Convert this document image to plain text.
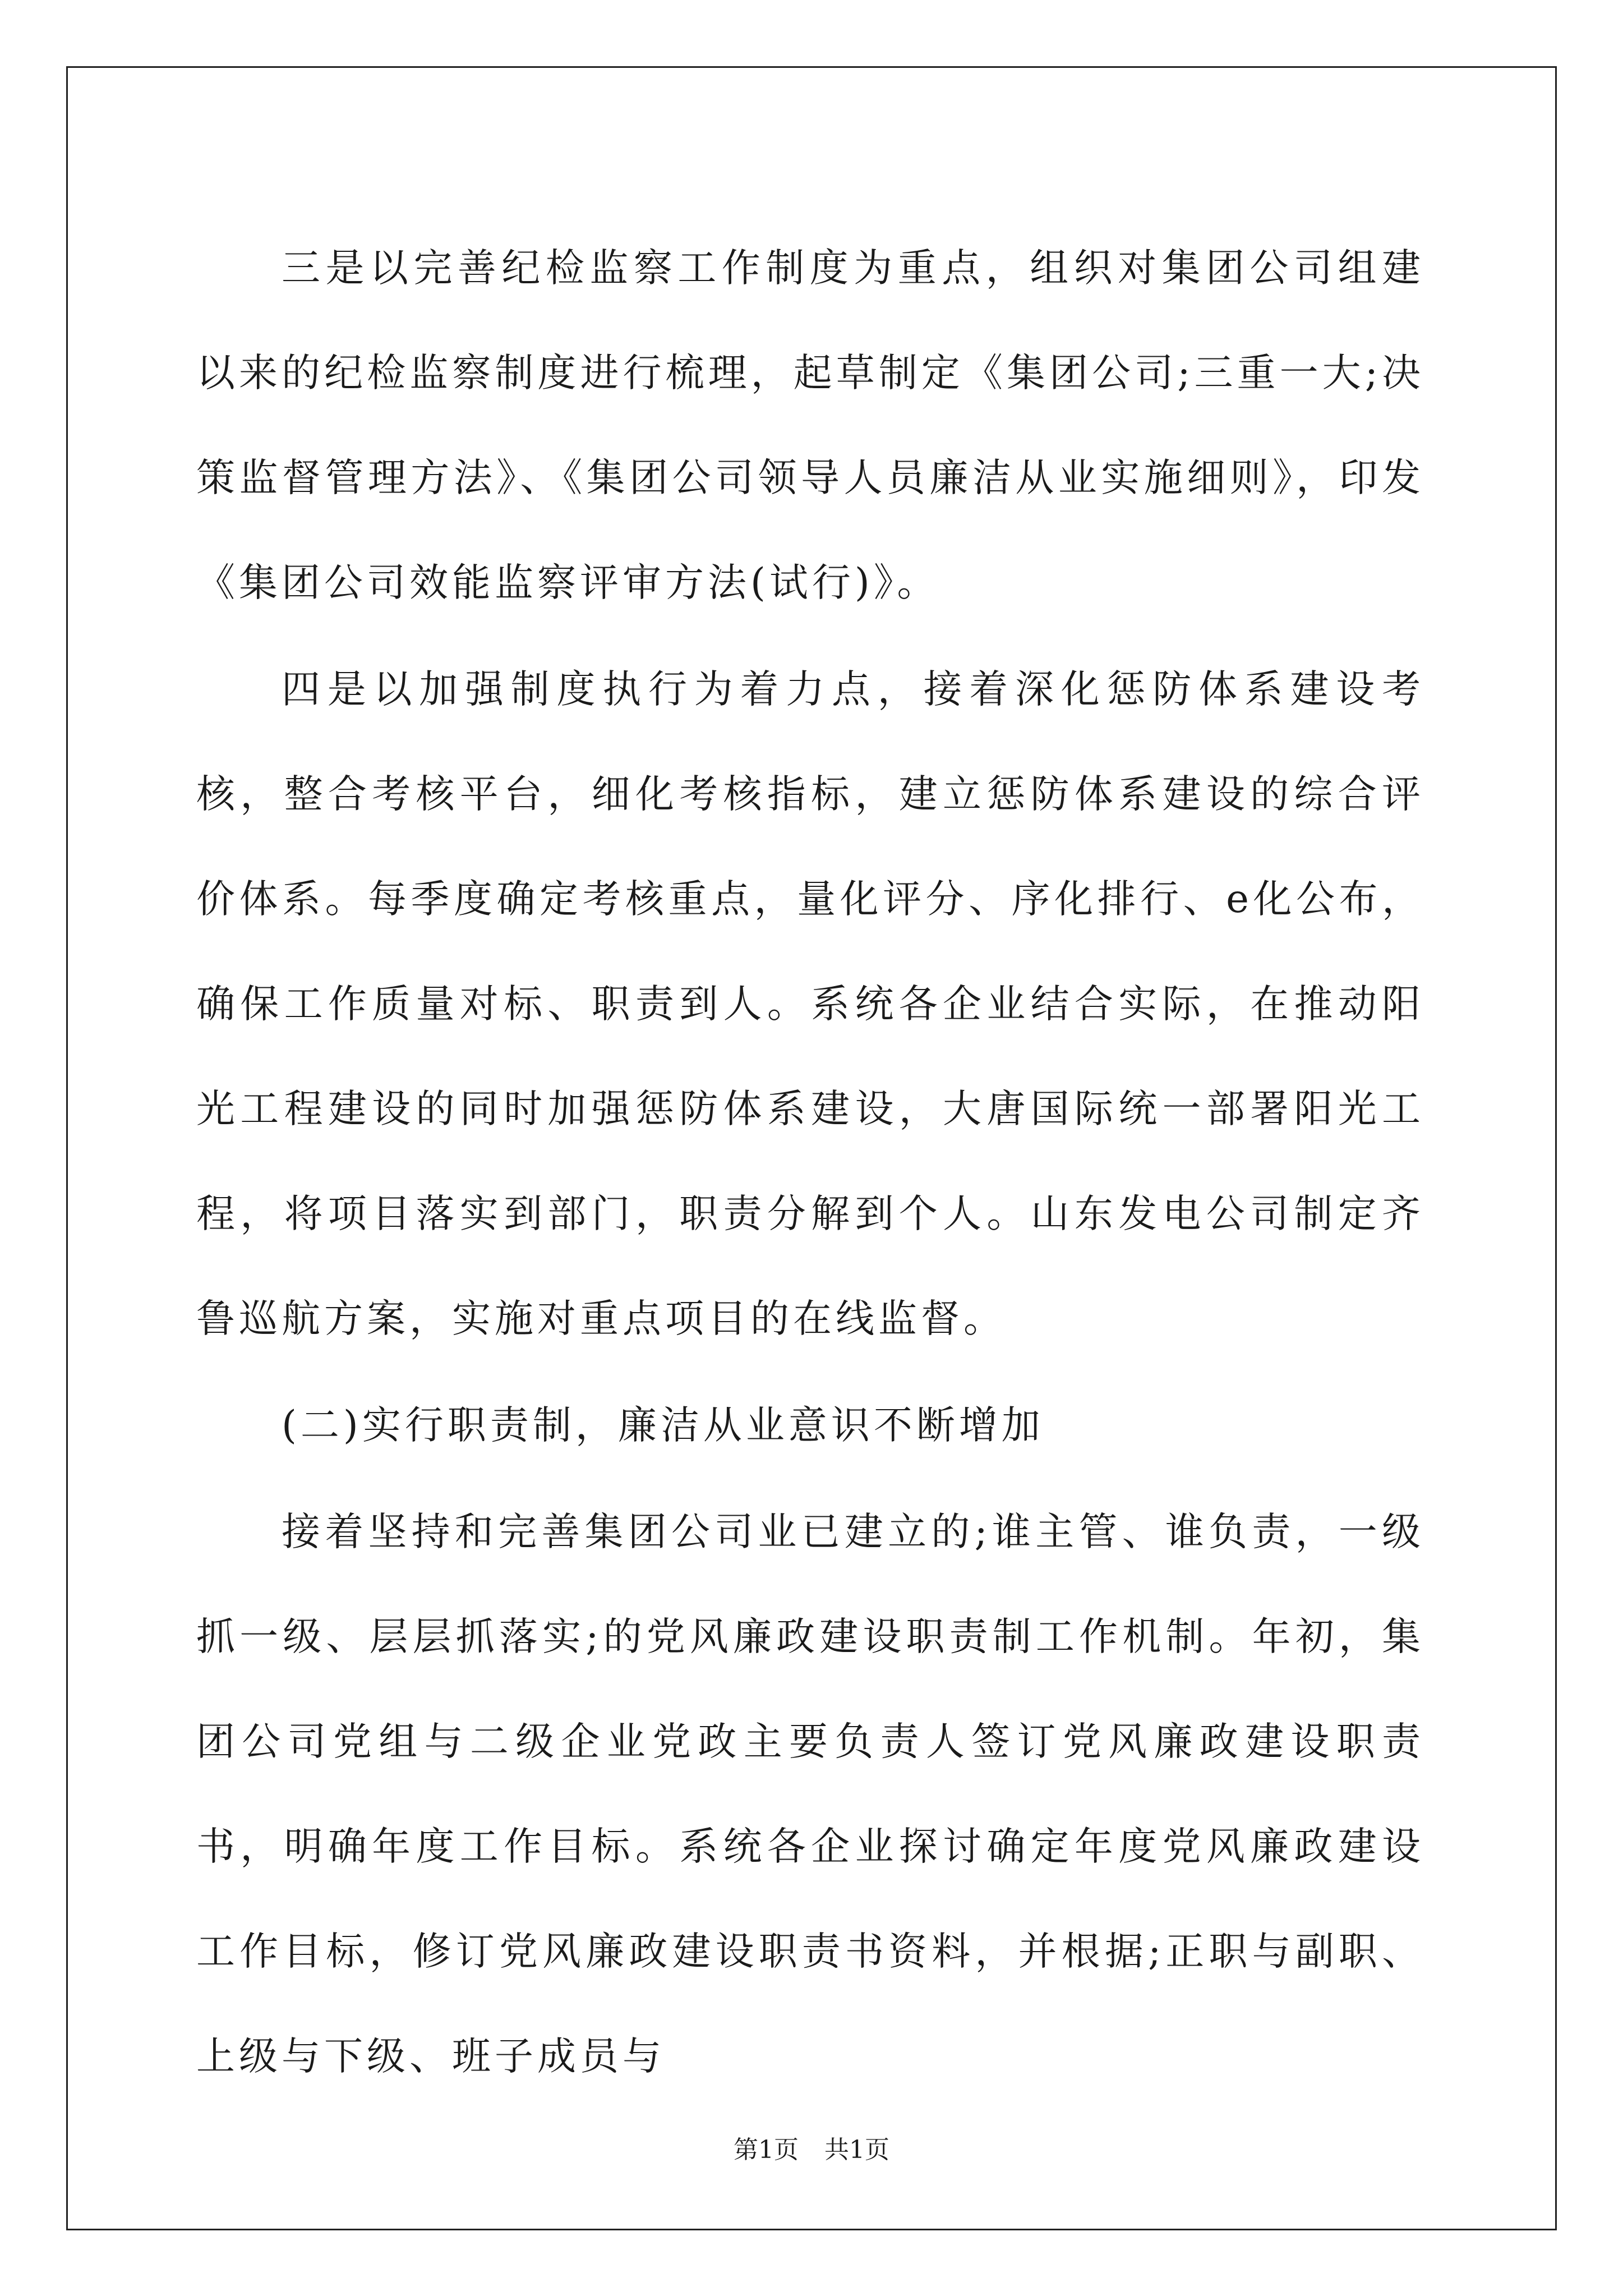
三是以完善纪检监察工作制度为重点，组织对集团公司组建以来的纪检监察制度进行梳理，起草制定《集团公司;三重一大;决策监督管理方法》、《集团公司领导人员廉洁从业实施细则》，印发《集团公司效能监察评审方法(试行)》。

四是以加强制度执行为着力点，接着深化惩防体系建设考核，整合考核平台，细化考核指标，建立惩防体系建设的综合评价体系。每季度确定考核重点，量化评分、序化排行、e化公布，确保工作质量对标、职责到人。系统各企业结合实际，在推动阳光工程建设的同时加强惩防体系建设，大唐国际统一部署阳光工程，将项目落实到部门，职责分解到个人。山东发电公司制定齐鲁巡航方案，实施对重点项目的在线监督。

(二)实行职责制，廉洁从业意识不断增加

接着坚持和完善集团公司业已建立的;谁主管、谁负责，一级抓一级、层层抓落实;的党风廉政建设职责制工作机制。年初，集团公司党组与二级企业党政主要负责人签订党风廉政建设职责书，明确年度工作目标。系统各企业探讨确定年度党风廉政建设工作目标，修订党风廉政建设职责书资料，并根据;正职与副职、上级与下级、班子成员与

第1页 共1页
